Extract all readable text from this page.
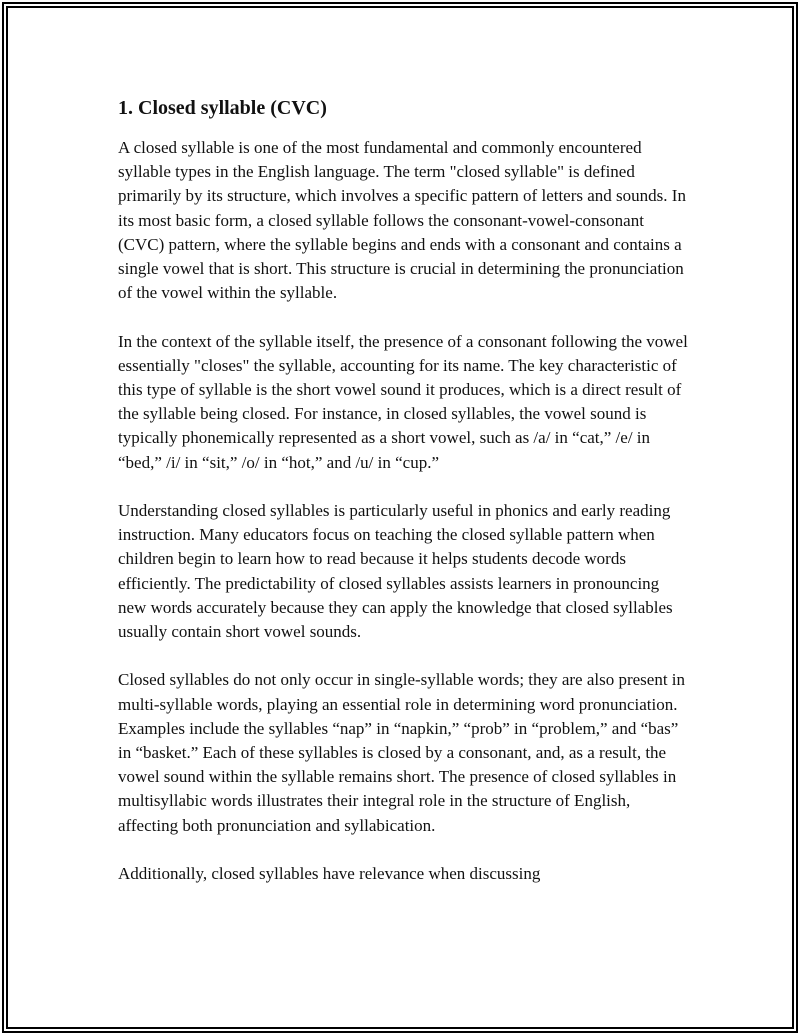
1. Closed syllable (CVC)

A closed syllable is one of the most fundamental and commonly encountered syllable types in the English language. The term "closed syllable" is defined primarily by its structure, which involves a specific pattern of letters and sounds. In its most basic form, a closed syllable follows the consonant-vowel-consonant (CVC) pattern, where the syllable begins and ends with a consonant and contains a single vowel that is short. This structure is crucial in determining the pronunciation of the vowel within the syllable.

In the context of the syllable itself, the presence of a consonant following the vowel essentially "closes" the syllable, accounting for its name. The key characteristic of this type of syllable is the short vowel sound it produces, which is a direct result of the syllable being closed. For instance, in closed syllables, the vowel sound is typically phonemically represented as a short vowel, such as /a/ in “cat,” /e/ in “bed,” /i/ in “sit,” /o/ in “hot,” and /u/ in “cup.”

Understanding closed syllables is particularly useful in phonics and early reading instruction. Many educators focus on teaching the closed syllable pattern when children begin to learn how to read because it helps students decode words efficiently. The predictability of closed syllables assists learners in pronouncing new words accurately because they can apply the knowledge that closed syllables usually contain short vowel sounds.

Closed syllables do not only occur in single-syllable words; they are also present in multi-syllable words, playing an essential role in determining word pronunciation. Examples include the syllables “nap” in “napkin,” “prob” in “problem,” and “bas” in “basket.” Each of these syllables is closed by a consonant, and, as a result, the vowel sound within the syllable remains short. The presence of closed syllables in multisyllabic words illustrates their integral role in the structure of English, affecting both pronunciation and syllabication.

Additionally, closed syllables have relevance when discussing
